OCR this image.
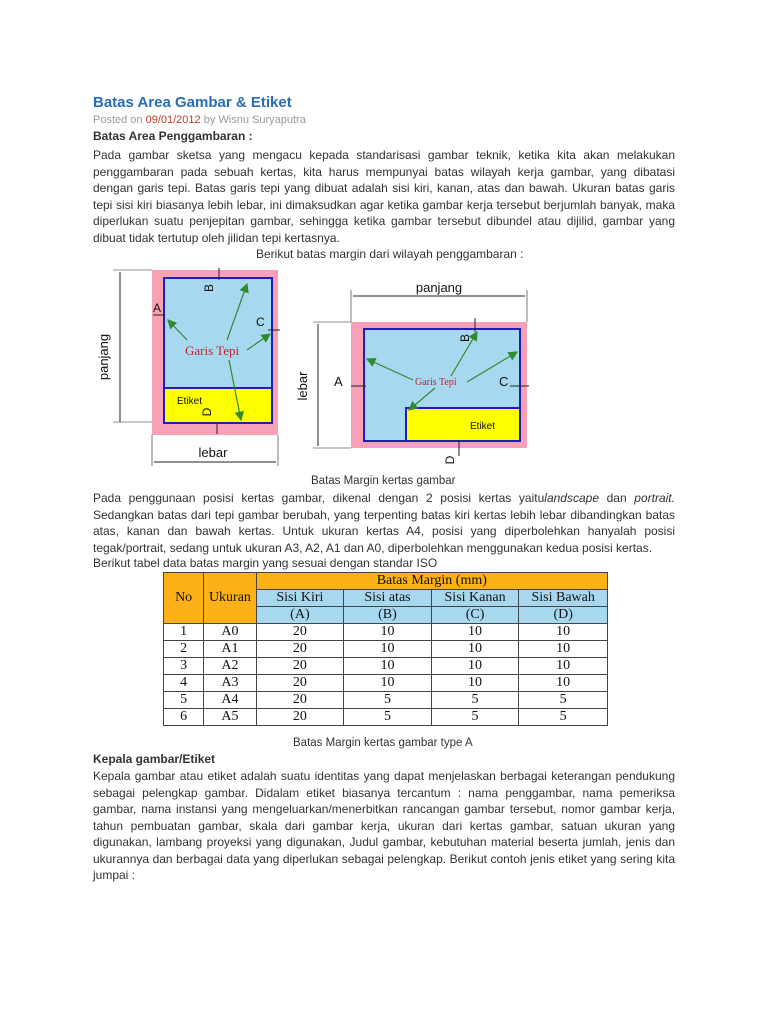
Batas Area Gambar & Etiket
Posted on 09/01/2012 by Wisnu Suryaputra
Batas Area Penggambaran :

Pada gambar sketsa yang mengacu kepada standarisasi gambar teknik, ketika kita akan melakukan penggambaran pada sebuah kertas, kita harus mempunyai batas wilayah kerja gambar, yang dibatasi dengan garis tepi. Batas garis tepi yang dibuat adalah sisi kiri, kanan, atas dan bawah. Ukuran batas garis tepi sisi kiri biasanya lebih lebar, ini dimaksudkan agar ketika gambar kerja tersebut berjumlah banyak, maka diperlukan suatu penjepitan gambar, sehingga ketika gambar tersebut dibundel atau dijilid, gambar yang dibuat tidak tertutup oleh jilidan tepi kertasnya.

Berikut batas margin dari wilayah penggambaran :
panjang
lebar
A
B
C
D
Garis Tepi
Etiket
panjang
lebar A
B
C
D
Garis Tepi
Etiket
Batas Margin kertas gambar

Pada penggunaan posisi kertas gambar, dikenal dengan 2 posisi kertas yaitulandscape dan portrait. Sedangkan batas dari tepi gambar berubah, yang terpenting batas kiri kertas lebih lebar dibandingkan batas atas, kanan dan bawah kertas. Untuk ukuran kertas A4, posisi yang diperbolehkan hanyalah posisi tegak/portrait, sedang untuk ukuran A3, A2, A1 dan A0, diperbolehkan menggunakan kedua posisi kertas.

Berikut tabel data batas margin yang sesuai dengan standar ISO
No	Ukuran	Batas Margin (mm)			
		Sisi Kiri	Sisi atas	Sisi Kanan	Sisi Bawah
		(A)	(B)	(C)	(D)
1	A0	20	10	10	10
2	A1	20	10	10	10
3	A2	20	10	10	10
4	A3	20	10	10	10
5	A4	20	5	5	5
6	A5	20	5	5	5
Batas Margin kertas gambar type A
Kepala gambar/Etiket

Kepala gambar atau etiket adalah suatu identitas yang dapat menjelaskan berbagai keterangan pendukung sebagai pelengkap gambar. Didalam etiket biasanya tercantum : nama penggambar, nama pemeriksa gambar, nama instansi yang mengeluarkan/menerbitkan rancangan gambar tersebut, nomor gambar kerja, tahun pembuatan gambar, skala dari gambar kerja, ukuran dari kertas gambar, satuan ukuran yang digunakan, lambang proyeksi yang digunakan, Judul gambar, kebutuhan material beserta jumlah, jenis dan ukurannya dan berbagai data yang diperlukan sebagai pelengkap. Berikut contoh jenis etiket yang sering kita jumpai :
